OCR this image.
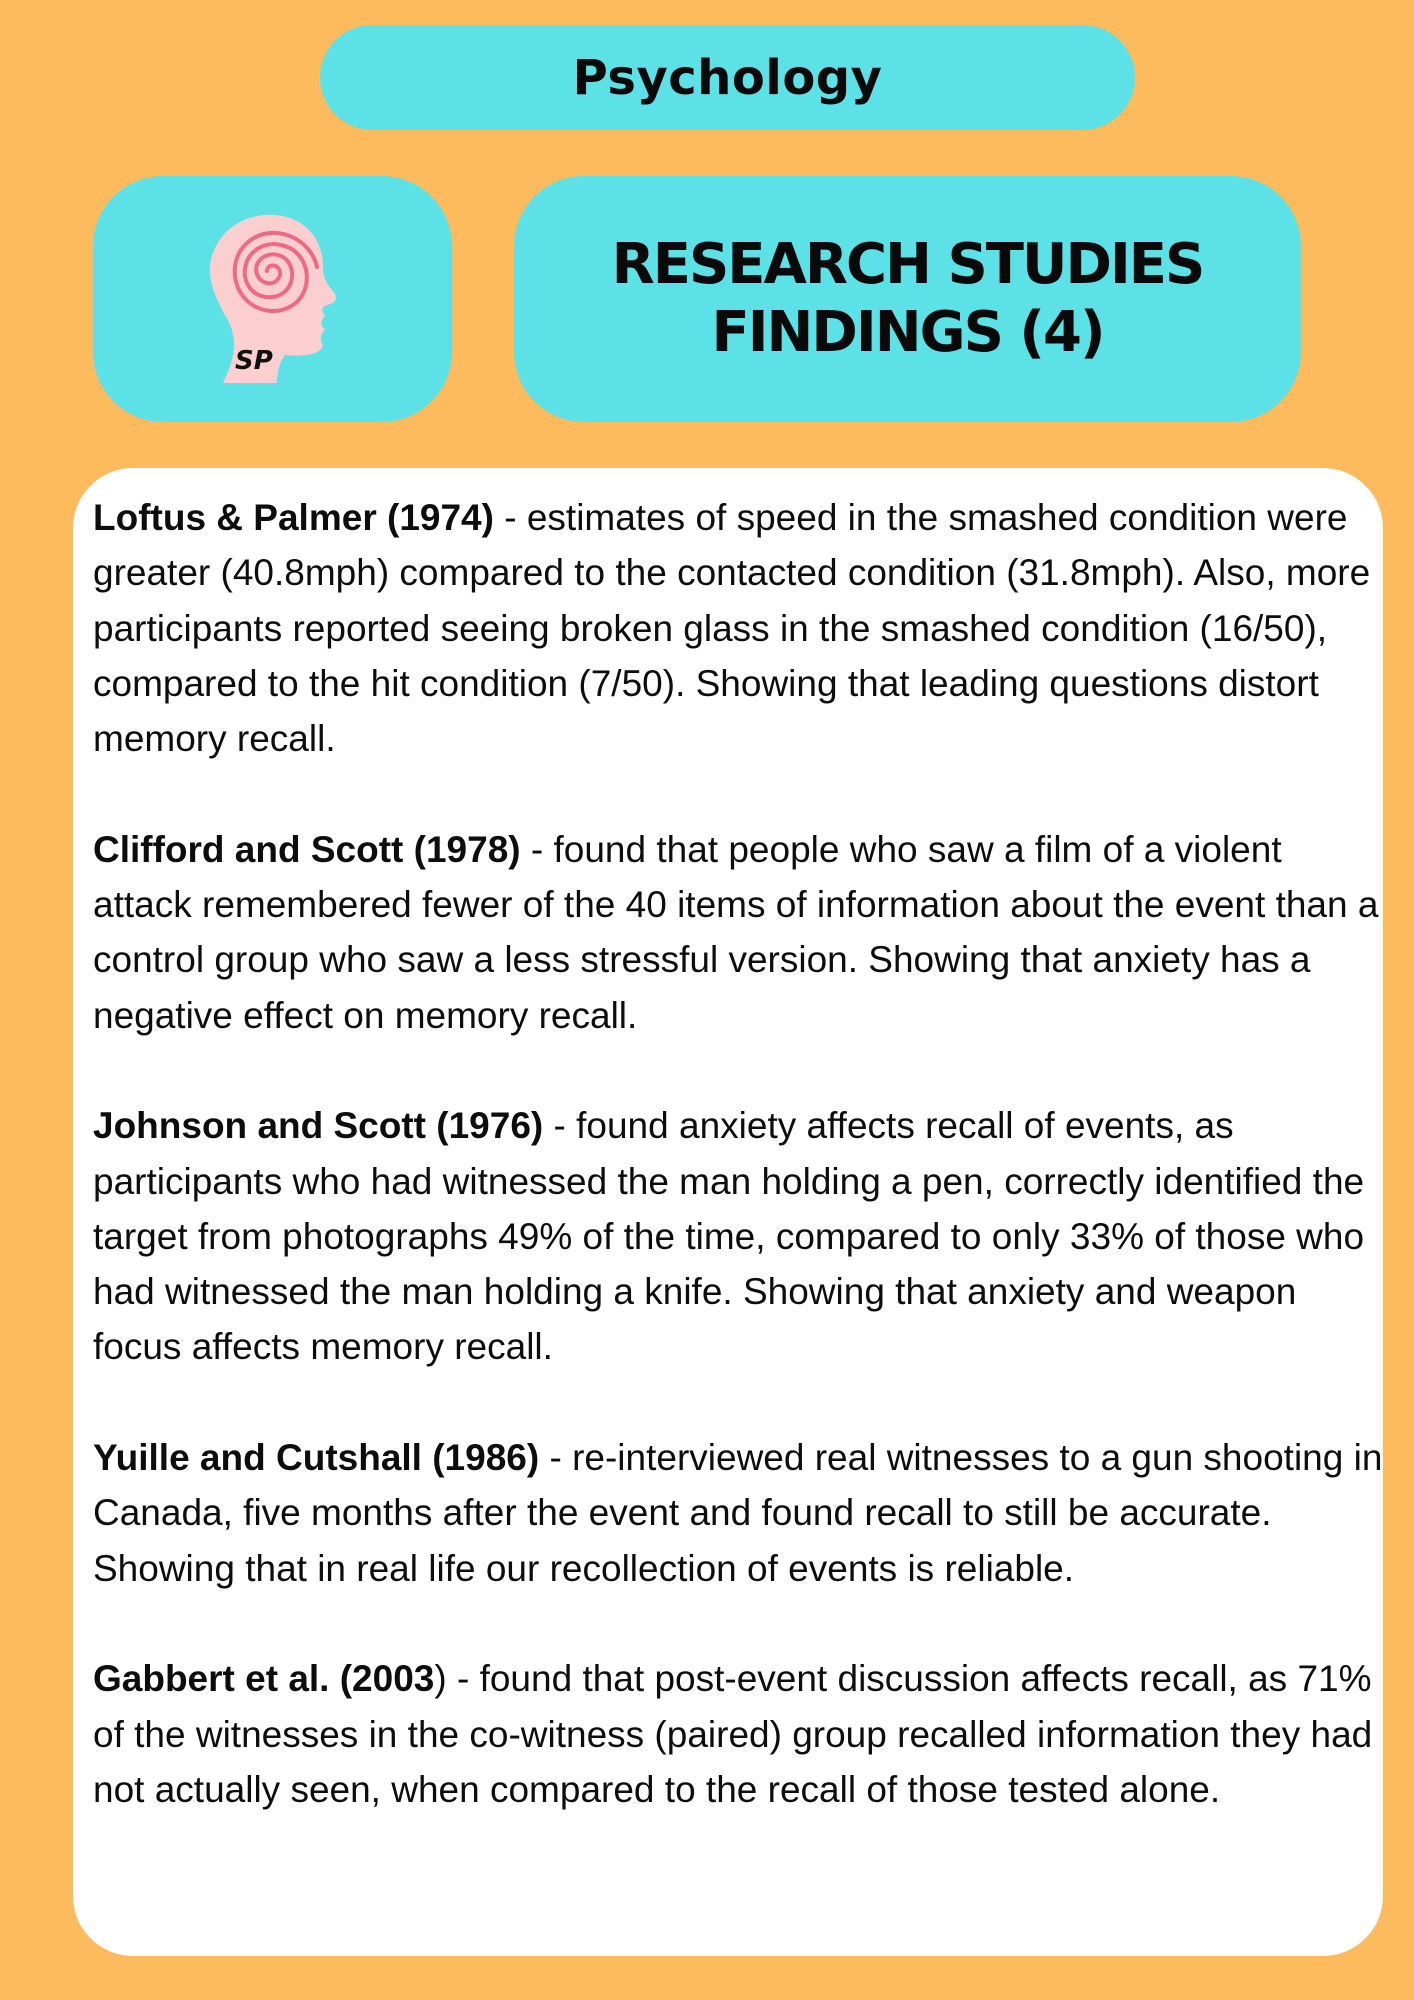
Psychology
SP
RESEARCH STUDIES
FINDINGS (4)

Loftus & Palmer (1974) - estimates of speed in the smashed condition were greater (40.8mph) compared to the contacted condition (31.8mph). Also, more participants reported seeing broken glass in the smashed condition (16/50), compared to the hit condition (7/50). Showing that leading questions distort memory recall.

Clifford and Scott (1978) - found that people who saw a film of a violent attack remembered fewer of the 40 items of information about the event than a control group who saw a less stressful version. Showing that anxiety has a negative effect on memory recall.

Johnson and Scott (1976) - found anxiety affects recall of events, as participants who had witnessed the man holding a pen, correctly identified the target from photographs 49% of the time, compared to only 33% of those who had witnessed the man holding a knife. Showing that anxiety and weapon focus affects memory recall.

Yuille and Cutshall (1986) - re-interviewed real witnesses to a gun shooting in Canada, five months after the event and found recall to still be accurate. Showing that in real life our recollection of events is reliable.

Gabbert et al. (2003) - found that post-event discussion affects recall, as 71% of the witnesses in the co-witness (paired) group recalled information they had not actually seen, when compared to the recall of those tested alone.
